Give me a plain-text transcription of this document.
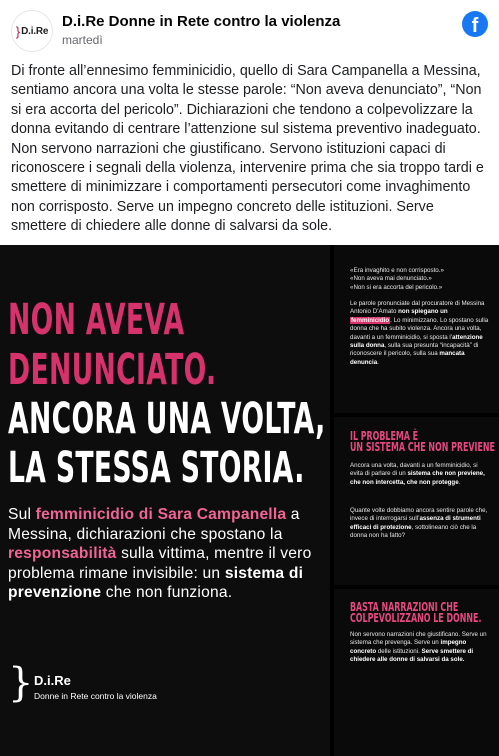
} D.i.Re
D.i.Re Donne in Rete contro la violenza
martedì
f
Di fronte all’ennesimo femminicidio, quello di Sara Campanella a Messina, sentiamo ancora una volta le stesse parole: “Non aveva denunciato”, “Non si era accorta del pericolo”. Dichiarazioni che tendono a colpevolizzare la donna evitando di centrare l’attenzione sul sistema preventivo inadeguato. Non servono narrazioni che giustificano. Servono istituzioni capaci di riconoscere i segnali della violenza, intervenire prima che sia troppo tardi e smettere di minimizzare i comportamenti persecutori come invaghimento non corrisposto. Serve un impegno concreto delle istituzioni. Serve smettere di chiedere alle donne di salvarsi da sole.
NON AVEVA
DENUNCIATO.
ANCORA UNA VOLTA,
LA STESSA STORIA.
Sul femminicidio di Sara Campanella a Messina, dichiarazioni che spostano la responsabilità sulla vittima, mentre il vero problema rimane invisibile: un sistema di prevenzione che non funziona.
} D.i.Re
Donne in Rete contro la violenza
«Era invaghito e non corrisposto.»
«Non aveva mai denunciato.»
«Non si era accorta del pericolo.»
Le parole pronunciate dal procuratore di Messina Antonio D’Amato non spiegano un femminicidio. Lo minimizzano. Lo spostano sulla donna che ha subito violenza. Ancora una volta, davanti a un femminicidio, si sposta l’attenzione sulla donna, sulla sua presunta “incapacità” di riconoscere il pericolo, sulla sua mancata denuncia.
IL PROBLEMA È
UN SISTEMA CHE NON PREVIENE
Ancora una volta, davanti a un femminicidio, si evita di parlare di un sistema che non previene, che non intercetta, che non protegge.
Quante volte dobbiamo ancora sentire parole che, invece di interrogarsi sull’assenza di strumenti efficaci di protezione, sottolineano ciò che la donna non ha fatto?
BASTA NARRAZIONI CHE
COLPEVOLIZZANO LE DONNE.
Non servono narrazioni che giustificano. Serve un sistema che prevenga. Serve un impegno concreto delle istituzioni. Serve smettere di chiedere alle donne di salvarsi da sole.
